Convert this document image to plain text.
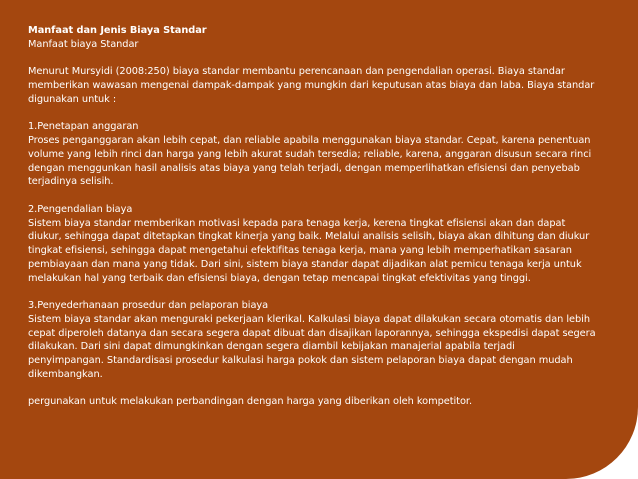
Manfaat dan Jenis Biaya Standar
Manfaat biaya Standar
Menurut Mursyidi (2008:250) biaya standar membantu perencanaan dan pengendalian operasi. Biaya standar
memberikan wawasan mengenai dampak-dampak yang mungkin dari keputusan atas biaya dan laba. Biaya standar
digunakan untuk :
1.Penetapan anggaran
Proses penganggaran akan lebih cepat, dan reliable apabila menggunakan biaya standar. Cepat, karena penentuan
volume yang lebih rinci dan harga yang lebih akurat sudah tersedia; reliable, karena, anggaran disusun secara rinci
dengan menggunkan hasil analisis atas biaya yang telah terjadi, dengan memperlihatkan efisiensi dan penyebab
terjadinya selisih.
2.Pengendalian biaya
Sistem biaya standar memberikan motivasi kepada para tenaga kerja, kerena tingkat efisiensi akan dan dapat
diukur, sehingga dapat ditetapkan tingkat kinerja yang baik. Melalui analisis selisih, biaya akan dihitung dan diukur
tingkat efisiensi, sehingga dapat mengetahui efektifitas tenaga kerja, mana yang lebih memperhatikan sasaran
pembiayaan dan mana yang tidak. Dari sini, sistem biaya standar dapat dijadikan alat pemicu tenaga kerja untuk
melakukan hal yang terbaik dan efisiensi biaya, dengan tetap mencapai tingkat efektivitas yang tinggi.
3.Penyederhanaan prosedur dan pelaporan biaya
Sistem biaya standar akan menguraki pekerjaan klerikal. Kalkulasi biaya dapat dilakukan secara otomatis dan lebih
cepat diperoleh datanya dan secara segera dapat dibuat dan disajikan laporannya, sehingga ekspedisi dapat segera
dilakukan. Dari sini dapat dimungkinkan dengan segera diambil kebijakan manajerial apabila terjadi
penyimpangan. Standardisasi prosedur kalkulasi harga pokok dan sistem pelaporan biaya dapat dengan mudah
dikembangkan.
pergunakan untuk melakukan perbandingan dengan harga yang diberikan oleh kompetitor.
